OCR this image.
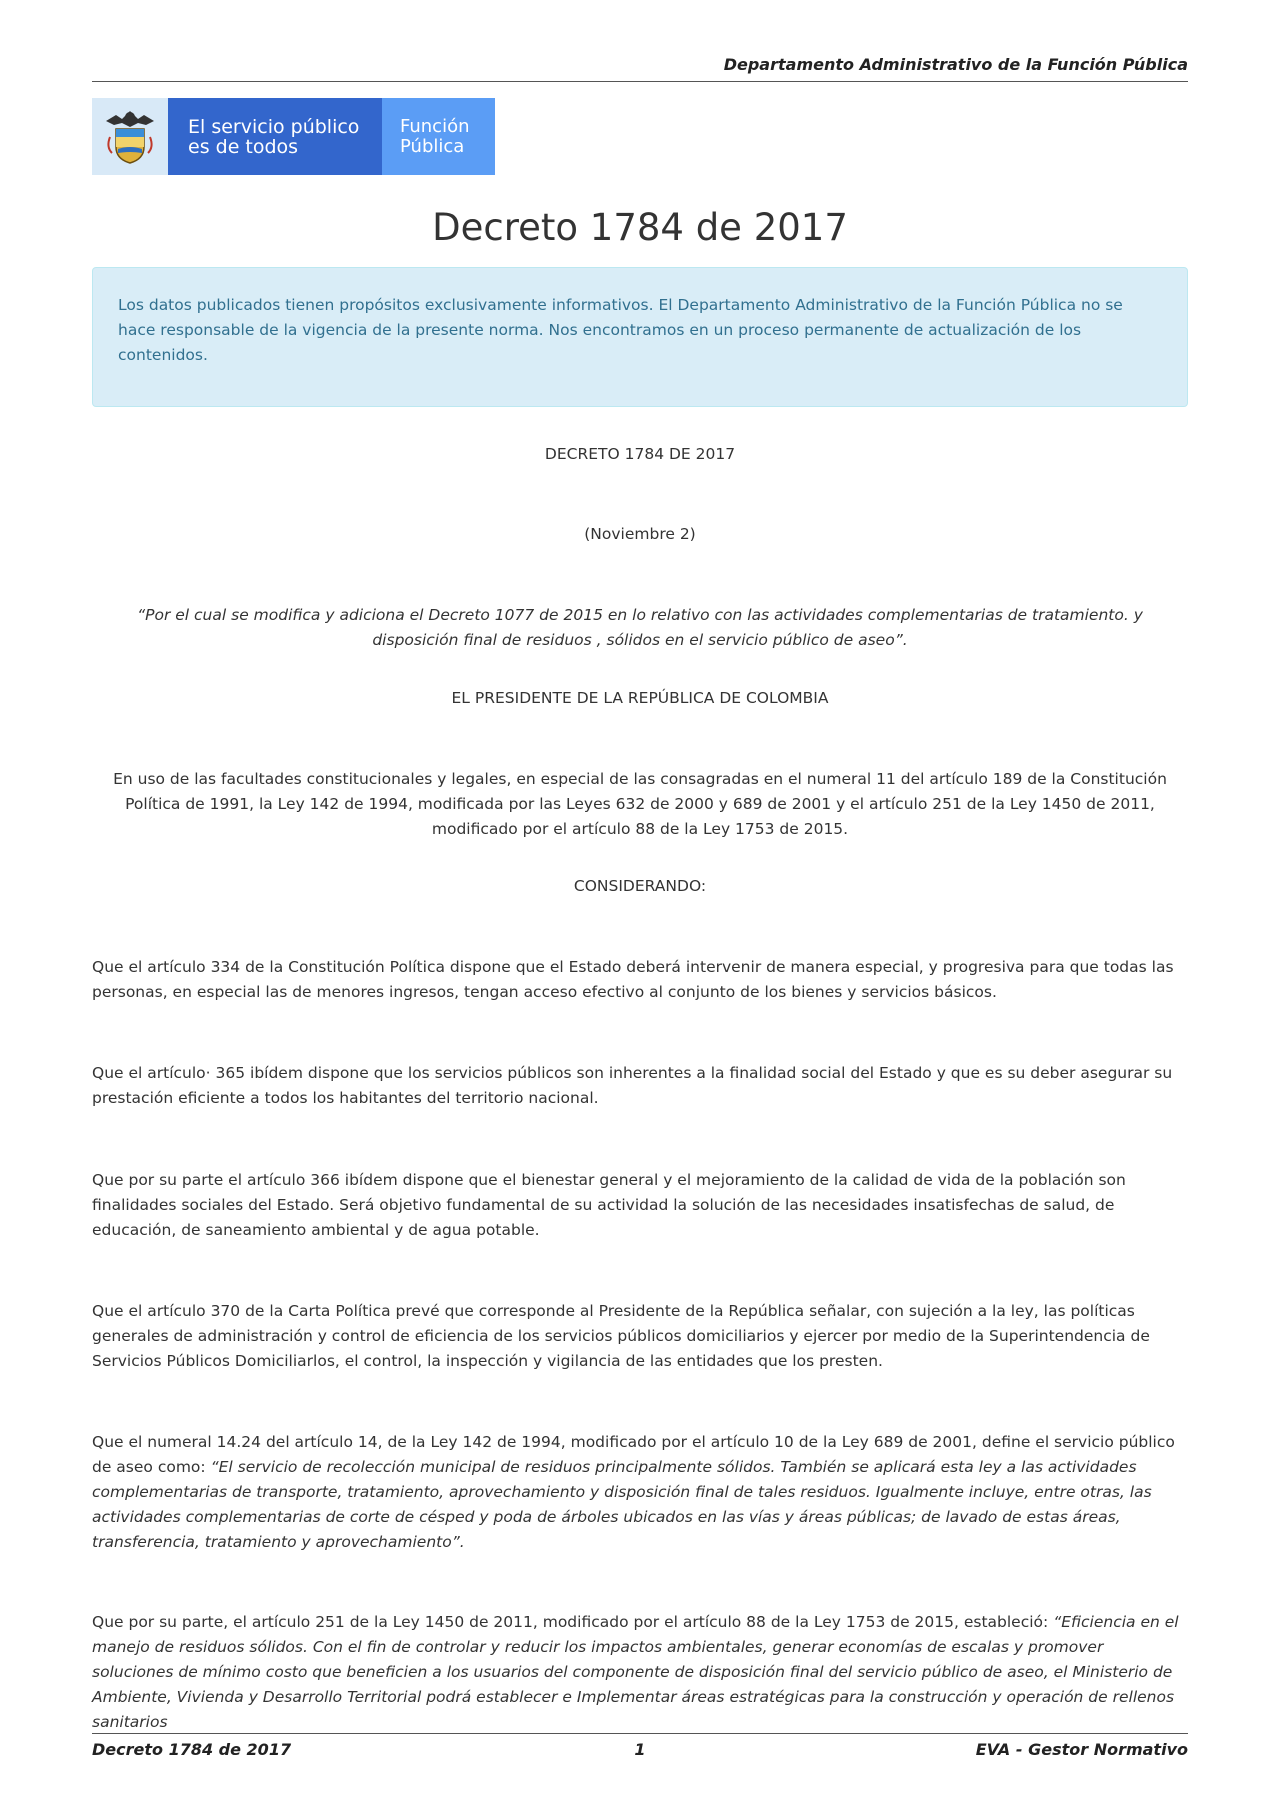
Departamento Administrativo de la Función Pública
El servicio público
es de todos
Función
Pública
Decreto 1784 de 2017
Los datos publicados tienen propósitos exclusivamente informativos. El Departamento Administrativo de la Función Pública no se hace responsable de la vigencia de la presente norma. Nos encontramos en un proceso permanente de actualización de los contenidos.

DECRETO 1784 DE 2017

(Noviembre 2)

“Por el cual se modifica y adiciona el Decreto 1077 de 2015 en lo relativo con las actividades complementarias de tratamiento. y disposición final de residuos , sólidos en el servicio público de aseo”.

EL PRESIDENTE DE LA REPÚBLICA DE COLOMBIA

En uso de las facultades constitucionales y legales, en especial de las consagradas en el numeral 11 del artículo 189 de la Constitución Política de 1991, la Ley 142 de 1994, modificada por las Leyes 632 de 2000 y 689 de 2001 y el artículo 251 de la Ley 1450 de 2011, modificado por el artículo 88 de la Ley 1753 de 2015.

CONSIDERANDO:

Que el artículo 334 de la Constitución Política dispone que el Estado deberá intervenir de manera especial, y progresiva para que todas las personas, en especial las de menores ingresos, tengan acceso efectivo al conjunto de los bienes y servicios básicos.

Que el artículo· 365 ibídem dispone que los servicios públicos son inherentes a la finalidad social del Estado y que es su deber asegurar su prestación eficiente a todos los habitantes del territorio nacional.

Que por su parte el artículo 366 ibídem dispone que el bienestar general y el mejoramiento de la calidad de vida de la población son finalidades sociales del Estado. Será objetivo fundamental de su actividad la solución de las necesidades insatisfechas de salud, de educación, de saneamiento ambiental y de agua potable.

Que el artículo 370 de la Carta Política prevé que corresponde al Presidente de la República señalar, con sujeción a la ley, las políticas generales de administración y control de eficiencia de los servicios públicos domiciliarios y ejercer por medio de la Superintendencia de Servicios Públicos Domiciliarlos, el control, la inspección y vigilancia de las entidades que los presten.

Que el numeral 14.24 del artículo 14, de la Ley 142 de 1994, modificado por el artículo 10 de la Ley 689 de 2001, define el servicio público de aseo como: “El servicio de recolección municipal de residuos principalmente sólidos. También se aplicará esta ley a las actividades complementarias de transporte, tratamiento, aprovechamiento y disposición final de tales residuos. Igualmente incluye, entre otras, las actividades complementarias de corte de césped y poda de árboles ubicados en las vías y áreas públicas; de lavado de estas áreas, transferencia, tratamiento y aprovechamiento”.

Que por su parte, el artículo 251 de la Ley 1450 de 2011, modificado por el artículo 88 de la Ley 1753 de 2015, estableció: “Eficiencia en el manejo de residuos sólidos. Con el fin de controlar y reducir los impactos ambientales, generar economías de escalas y promover soluciones de mínimo costo que beneficien a los usuarios del componente de disposición final del servicio público de aseo, el Ministerio de Ambiente, Vivienda y Desarrollo Territorial podrá establecer e Implementar áreas estratégicas para la construcción y operación de rellenos sanitarios

Decreto 1784 de 2017	1	EVA - Gestor Normativo
